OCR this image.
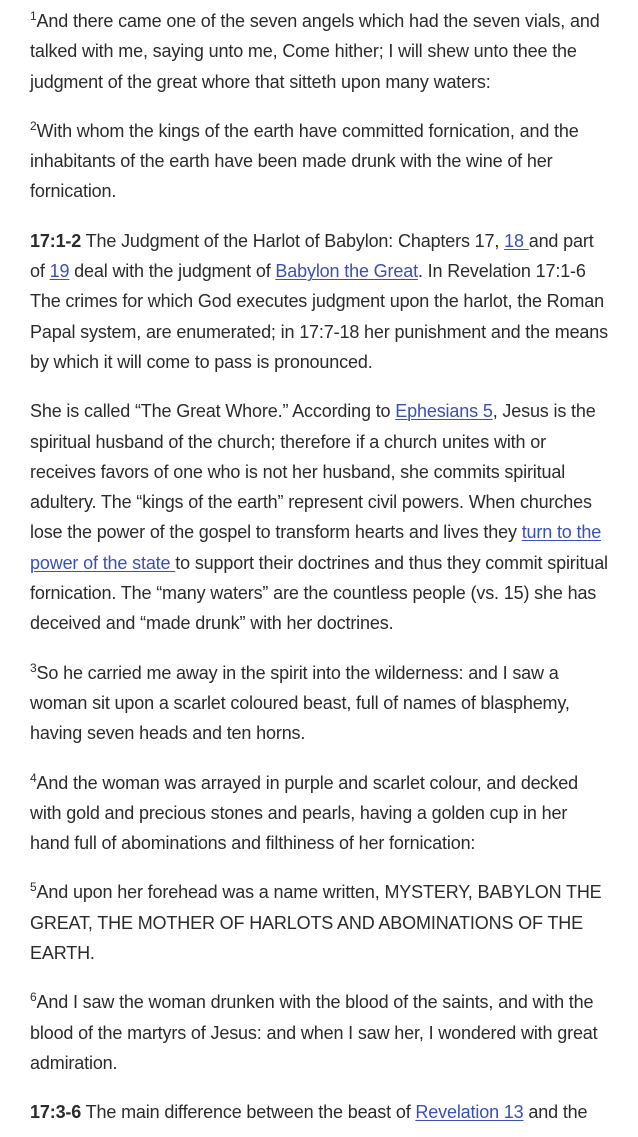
$^1$And there came one of the seven angels which had the seven vials, and talked with me, saying unto me, Come hither; I will shew unto thee the judgment of the great whore that sitteth upon many waters:

$^2$With whom the kings of the earth have committed fornication, and the inhabitants of the earth have been made drunk with the wine of her fornication.

17:1-2 The Judgment of the Harlot of Babylon: Chapters 17, 18 and part of 19 deal with the judgment of Babylon the Great. In Revelation 17:1-6 The crimes for which God executes judgment upon the harlot, the Roman Papal system, are enumerated; in 17:7-18 her punishment and the means by which it will come to pass is pronounced.

She is called “The Great Whore.” According to Ephesians 5, Jesus is the spiritual husband of the church; therefore if a church unites with or receives favors of one who is not her husband, she commits spiritual adultery. The “kings of the earth” represent civil powers. When churches lose the power of the gospel to transform hearts and lives they turn to the power of the state to support their doctrines and thus they commit spiritual fornication. The “many waters” are the countless people (vs. 15) she has deceived and “made drunk” with her doctrines.

$^3$So he carried me away in the spirit into the wilderness: and I saw a woman sit upon a scarlet coloured beast, full of names of blasphemy, having seven heads and ten horns.

$^4$And the woman was arrayed in purple and scarlet colour, and decked with gold and precious stones and pearls, having a golden cup in her hand full of abominations and filthiness of her fornication:

$^5$And upon her forehead was a name written, MYSTERY, BABYLON THE GREAT, THE MOTHER OF HARLOTS AND ABOMINATIONS OF THE EARTH.

$^6$And I saw the woman drunken with the blood of the saints, and with the blood of the martyrs of Jesus: and when I saw her, I wondered with great admiration.

17:3-6 The main difference between the beast of Revelation 13 and the
